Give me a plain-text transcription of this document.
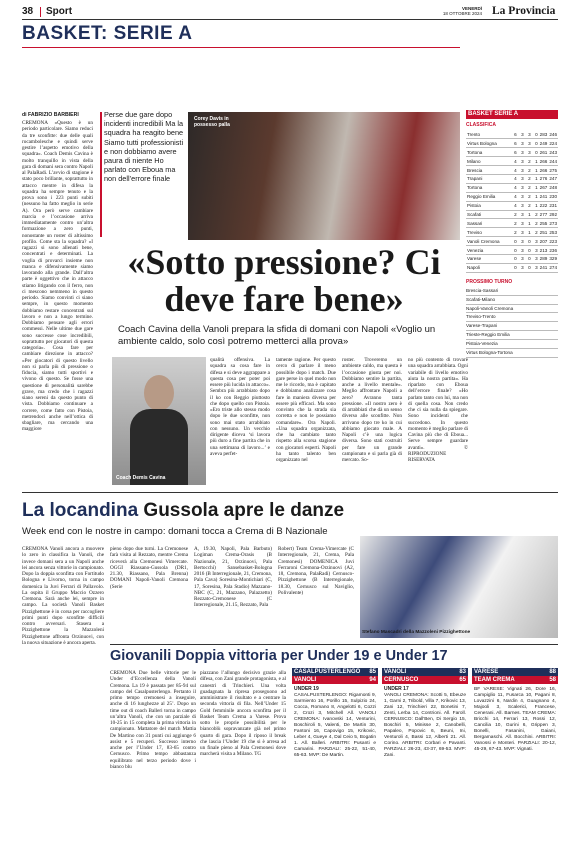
38 Sport	VENERDÌ
18 OTTOBRE 2024 La Provincia
BASKET: SERIE A
di FABRIZIO BARBIERI
CREMONA «Questo è un periodo particolare. Siamo reduci da tre sconfitte: due delle quali rocambolesche e quindi serve gestire l’aspetto emotivo della squadra». Coach Demis Cavina è molto tranquillo in vista della gara di domani sera contro Napoli al PalaRadi. L’avvio di stagione è stato poco brillante, soprattutto in attacco mentre in difesa la squadra ha sempre tenuto e la prova sono i 223 punti subiti (nessuno ha fatto meglio in serie A). Ora però serve cambiare marcia e l’occasione arriva immediatamente contro un’altra formazione a zero punti, nonostante un roster di altissimo profilo. Come sta la squadra? «I ragazzi si sono allenati bene, concentrati e determinati. La voglia di provarci insieme non manca e difensivamente siamo lavorando alla grande. Dall’altra parte è oggettivo che in attacco stiamo litigando con il ferro, non ci mescono nemmeno in questo periodo. Siamo convinti ci siano sempre, in questo momento dobbiamo restare concentrati sul lavoro e non a lungo termine. Dobbiamo pensare agli errori commessi. Nelle ultime due gare sono successe cose incredibili, soprattutto per giocatori di questa categoria». Cosa fare per cambiare direzione in attacco? «Per giocatori di questo livello non si parla più di pressione o fiducia, siamo tutti sportivi e vivono di questo. Se fosse una questione di personalità sarebbe grave, ma credo che i ragazzi siano sereni da questo punto di vista. Dobbiamo continuare a correre, come fatto con Pistoia, metrendoci anche nell’ottica di sbagliare, ma cercando una maggiore
Perse due gare dopo incidenti incredibili Ma la squadra ha reagito bene Siamo tutti professionisti e non dobbiamo avere paura di niente Ho parlato con Eboua ma non dell’errore finale
Corey Davis in possesso palla
«Sotto pressione? Ci deve fare bene»
Coach Cavina della Vanoli prepara la sfida di domani con Napoli «Voglio un ambiente caldo, solo così potremo metterci alla prova»
Coach Demis Cavina
qualità offensiva. La squadra sa cosa fare in difesa e si deve aggrappare a questa cosa per poter poi essere più lucida in attacco». Sembra più arrabbiato dopo il ko con Reggio piuttosto che dopo quello con Pistoia. «Ero triste allo stesso modo dopo le due sconfitte, non sono mai stato arrabbiato con nessuno. Un vecchio dirigente diceva ‘si lavora più duro a fine partita che in una settimana di lavoro...’ e aveva perfet-
tamente ragione. Per questo cerco di parlare il meno possibile dopo i match. Due gare perse in quel modo non me le ricordo, ma è capitato e dobbiamo analizzare cosa fare in maniera diversa per essere più efficaci. Ma sono convinto che la strada sia corretta e non le possiamo comandare». Ora Napoli. «Una squadra organizzata, che ha cambiato tanto rispetto alla scorsa stagione con giocatori esperti. Napoli ha tanto talento ben organizzato nel
roster. Troveremo un ambiente caldo, ma questa è l’occasione giusta per noi. Dobbiamo sentire la partita, anche a livello mentale». Meglio affrontare Napoli a zero? Avranno tanta pressione. «Il nostro zero è di arrabbiati che dà un senso diverso alle sconfitte. Non arrivano dopo tre ko in cui abbiamo giocato male. A Napoli c’è una logica diversa. Sono stati costruiti per fare un grande campionato e si parla già di mercato. So-
no più contento di trovare una squadra arrabbiata. Ogni variabile di livello emotivo aiuta la nostra partita». Ha riparlato con Eboua dell’errore finale? «Ho parlato tanto con lui, ma non di quella cosa. Non credo che ci sia nulla da spiegare. Sono incidenti che succedono. In questo momento è meglio parlare di Cavina più che di Eboua... Serve sempre guardare avanti». © RIPRODUZIONE RISERVATA
BASKET SERIE A
CLASSIFICA
Trento	6	3	3	0	283	246
Virtus Bologna	6	3	3	0	249	224
Tortona	6	3	3	0	261	243
Milano	4	3	2	1	266	244
Brescia	4	3	2	1	266	275
Trapani	4	3	2	1	276	247
Tortona	4	3	2	1	267	248
Reggio Emilia	4	3	2	1	241	230
Pistoia	4	3	2	1	222	231
Scafati	2	3	1	2	277	292
Sassari	2	3	1	2	255	273
Treviso	2	3	1	2	251	253
Vanoli Cremona	0	3	0	3	207	223
Venezia	0	3	0	3	213	236
Varese	0	3	0	3	289	329
Napoli	0	3	0	3	241	274
PROSSIMO TURNO
Brescia-Sassari
Scafati-Milano
Napoli-Vanoli Cremona
Treviso-Trento
Varese-Trapani
Trieste-Reggio Emilia
Pistoia-Venezia
Virtus Bologna-Tortona
La locandina Gussola apre le danze
Week end con le nostre in campo: domani tocca a Crema di B Nazionale
CREMONA Vanoli ancora a muovere lo zero in classifica la Vanoli, che invece domani sera a un Napoli anche lei ancora senza vittorie in campionato. Dopo la doppia sconfitta con Fortitudo Bologna e Livorno, torna in campo domenica la Juvi Ferrari di Pallavolo. La ospita il Gruppo Maccio Ozzero Cremona. Sarà anche lei, sempre in campo. La società Vanoli Basket Pizzighettone è in corsa per raccogliere primi punti dopo sconfitte difficili contro avversari. Stasera a Pizzighettone la Mazzoleni Pizzighettone affronta Orzinuovi, con la nuova situazione è ancora aperta.
pieno dopo due turni. La Cremonese farà visita al Rezzato, mentre Crema riceverà alla Cremonesi Vimercate. OGGI Riassano-Gussola (DR1, 21.30, Riassano, Pala Brenna) DOMANI Napoli-Vanoli Cremona (Serie
A, 19.30, Napoli, Pala Barbuto) Logiman Crema-Orasis (B Nazionale, 21, Orzinuovi, Pala Bertocchi) Sansebasket-Bologna 2016 (B Interregionale, 21, Cremona, Pala Cava) Soresina-Montichiari (C, 17, Soresina, Pala Stadio) Mazzano-NBC (C, 21, Mazzano, Palazzetto) Rezzato-Cremonese (C Interregionale, 21.15, Rezzato, Pala
Robert) Team Crema-Vimercate (C Interregionale, 21, Crema, Pala Cremonesi) DOMENICA Juvi Ferraroni Cremona-Orzinuovi (A2, 18, Cremona, PalaRadi) Cernusco-Pizzighettone (B Interregionale, 18.30, Cernusco sul Naviglio, Polivalente)
Stefano Mascadri della Mazzoleni Pizzighettone
Giovanili Doppia vittoria per Under 19 e Under 17
CREMONA Due belle vittorie per le Under d’Eccellenza della Vanoli Cremona. La 19 è passata per 85-94 sul campo del Casalpusterlengo. Pertanto il primo tempo cremonesi a inseguire, anche di 16 lunghezze al 25’. Dopo un time out di coach Balleri torna in campo un’altra Vanoli, che con un parziale di 10-25 in 15 completa la prima vittoria in campionato. Mattatore del match Mattia De Martino con 31 punti cui aggiunge 6 assist e 5 recuperi. Successo interno anche per l’Under 17, 83-65 contro Cernusco. Primo tempo abbastanza equilibrato nel terzo periodo dove i bianco blu
piazzano l’allungo decisivo grazie alla difesa, con Zani grande protagonista, e al canestri di Trinchieri. Una volta guadagnata la ripresa proseguono ad amministrare il risultato e a centrare la seconda vittoria di fila. Nell’Under 15 Gold femminile ancora sconfitta per il Basket Team Crema a Varese. Prova sotto le proprie possibilità per le biancoblù sopravanzate già nel primo quarto di gara. Dopo il riposo il break che lascia l’Under 19 che si è arresa ad un finale pieno al Pala Cremonesi dove marcherà visita a Milano. TG
CASALPUSTERLENGO 85
VANOLI	94
UNDER 19
CASALPUSTERLENGO: Rigamonti 9, Sarmiento 16, Porillo 15, Sulpizio 24, Cocca, Romano 8, Angelotti 6, Cozzi 2, Crozi 3, Mitchell All. VANOLI CREMONA: Ivanovski 14, Venturini, Boschiroli 5, Valenti, De Martin 30, Fantoni 16, Capovigo 15, Krikovic, Leber 4, Gueye 4, Dal Ceio 5, Bogatin 1. All. Balleri. ARBITRI: Pusanti e Camarini. PARZIALI: 25-22, 51-40, 65-63. MVP: De Martin.
VANOLI	83
CERNUSCO	65
UNDER 17
VANOLI CREMONA: Scotti 5, Ebeuze 1, Garni 2, Tribold, Villa 7, Krikovic 13, Zani 12, Trinchieri 22, Bonetini 7, Zenti, Lerba 14, Contrioni. All. Faroll. CERNUSCO: Dall'Ben, Di Sergio 15, Boschiri 5, Minisse 2, Canobelli, Papaleo, Popovic 6, Beuni, Ini, Venturoli 4, Bassi 12, Alberti 21. All. Corino. ARBITRI: Corbari e Pavanti. PARZIALI: 26-23, 43-37, 69-53. MVP: Zani.
VARESE	88
TEAM CREMA	58
BF VARESE: Vignati 26, Dore 16, Campiglio 11, Fusarca 10, Pagani 8, Lovazzini 6, Nardin 4, Guagnano 4, Majooli 3, Scalerici, Francese, Cenerani. All. Barnes. TEAM CREMA: Bricchi 14, Ferrari 13, Rossi 12, Cancilia 10, Gurini 6, Grippen 3, Bonelli, Fasanini, Gaiani, Bergamaschi. All. Bocchini. ARBITRI: Vanossi e Monteri. PARZIALI: 20-12, 45-29, 67-43. MVP: Vignati.
